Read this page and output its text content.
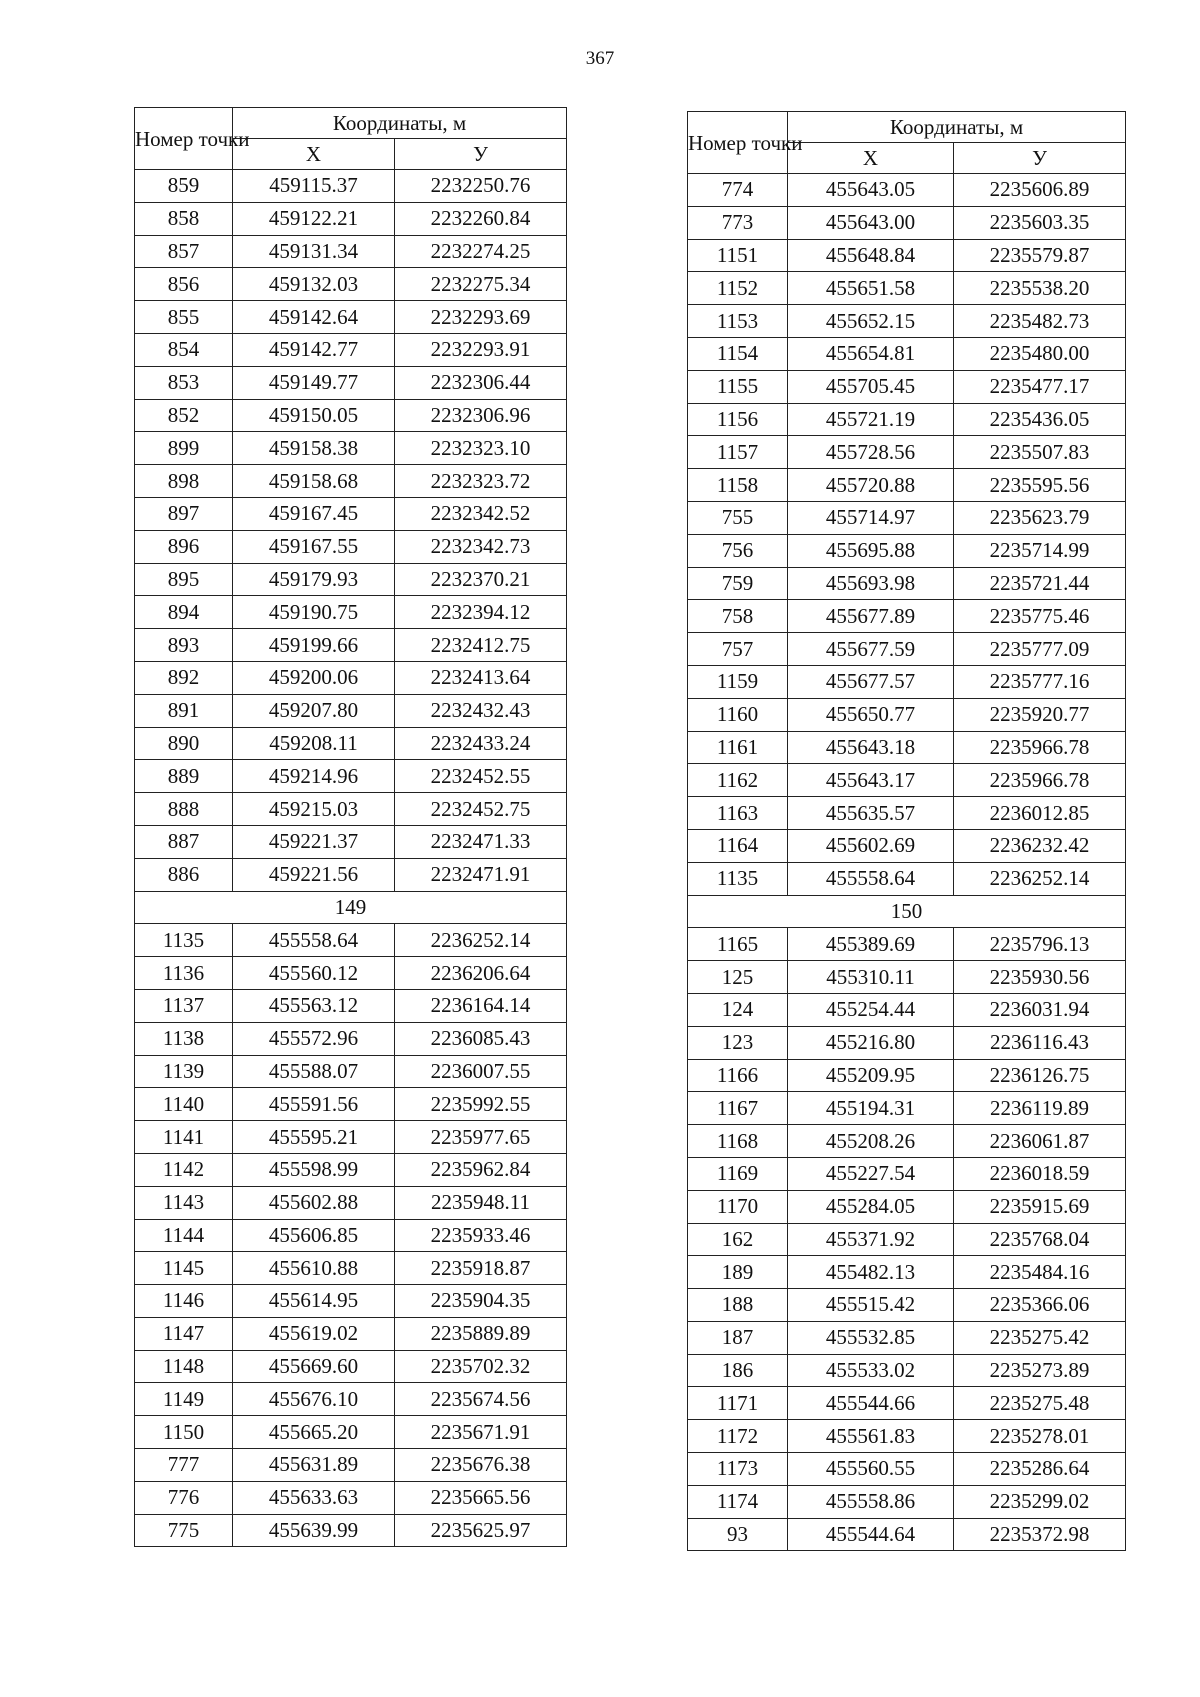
367
Номер точки	Координаты, м	
	X	У
859	459115.37	2232250.76
858	459122.21	2232260.84
857	459131.34	2232274.25
856	459132.03	2232275.34
855	459142.64	2232293.69
854	459142.77	2232293.91
853	459149.77	2232306.44
852	459150.05	2232306.96
899	459158.38	2232323.10
898	459158.68	2232323.72
897	459167.45	2232342.52
896	459167.55	2232342.73
895	459179.93	2232370.21
894	459190.75	2232394.12
893	459199.66	2232412.75
892	459200.06	2232413.64
891	459207.80	2232432.43
890	459208.11	2232433.24
889	459214.96	2232452.55
888	459215.03	2232452.75
887	459221.37	2232471.33
886	459221.56	2232471.91
149		
1135	455558.64	2236252.14
1136	455560.12	2236206.64
1137	455563.12	2236164.14
1138	455572.96	2236085.43
1139	455588.07	2236007.55
1140	455591.56	2235992.55
1141	455595.21	2235977.65
1142	455598.99	2235962.84
1143	455602.88	2235948.11
1144	455606.85	2235933.46
1145	455610.88	2235918.87
1146	455614.95	2235904.35
1147	455619.02	2235889.89
1148	455669.60	2235702.32
1149	455676.10	2235674.56
1150	455665.20	2235671.91
777	455631.89	2235676.38
776	455633.63	2235665.56
775	455639.99	2235625.97
Номер точки	Координаты, м	
	X	У
774	455643.05	2235606.89
773	455643.00	2235603.35
1151	455648.84	2235579.87
1152	455651.58	2235538.20
1153	455652.15	2235482.73
1154	455654.81	2235480.00
1155	455705.45	2235477.17
1156	455721.19	2235436.05
1157	455728.56	2235507.83
1158	455720.88	2235595.56
755	455714.97	2235623.79
756	455695.88	2235714.99
759	455693.98	2235721.44
758	455677.89	2235775.46
757	455677.59	2235777.09
1159	455677.57	2235777.16
1160	455650.77	2235920.77
1161	455643.18	2235966.78
1162	455643.17	2235966.78
1163	455635.57	2236012.85
1164	455602.69	2236232.42
1135	455558.64	2236252.14
150		
1165	455389.69	2235796.13
125	455310.11	2235930.56
124	455254.44	2236031.94
123	455216.80	2236116.43
1166	455209.95	2236126.75
1167	455194.31	2236119.89
1168	455208.26	2236061.87
1169	455227.54	2236018.59
1170	455284.05	2235915.69
162	455371.92	2235768.04
189	455482.13	2235484.16
188	455515.42	2235366.06
187	455532.85	2235275.42
186	455533.02	2235273.89
1171	455544.66	2235275.48
1172	455561.83	2235278.01
1173	455560.55	2235286.64
1174	455558.86	2235299.02
93	455544.64	2235372.98
